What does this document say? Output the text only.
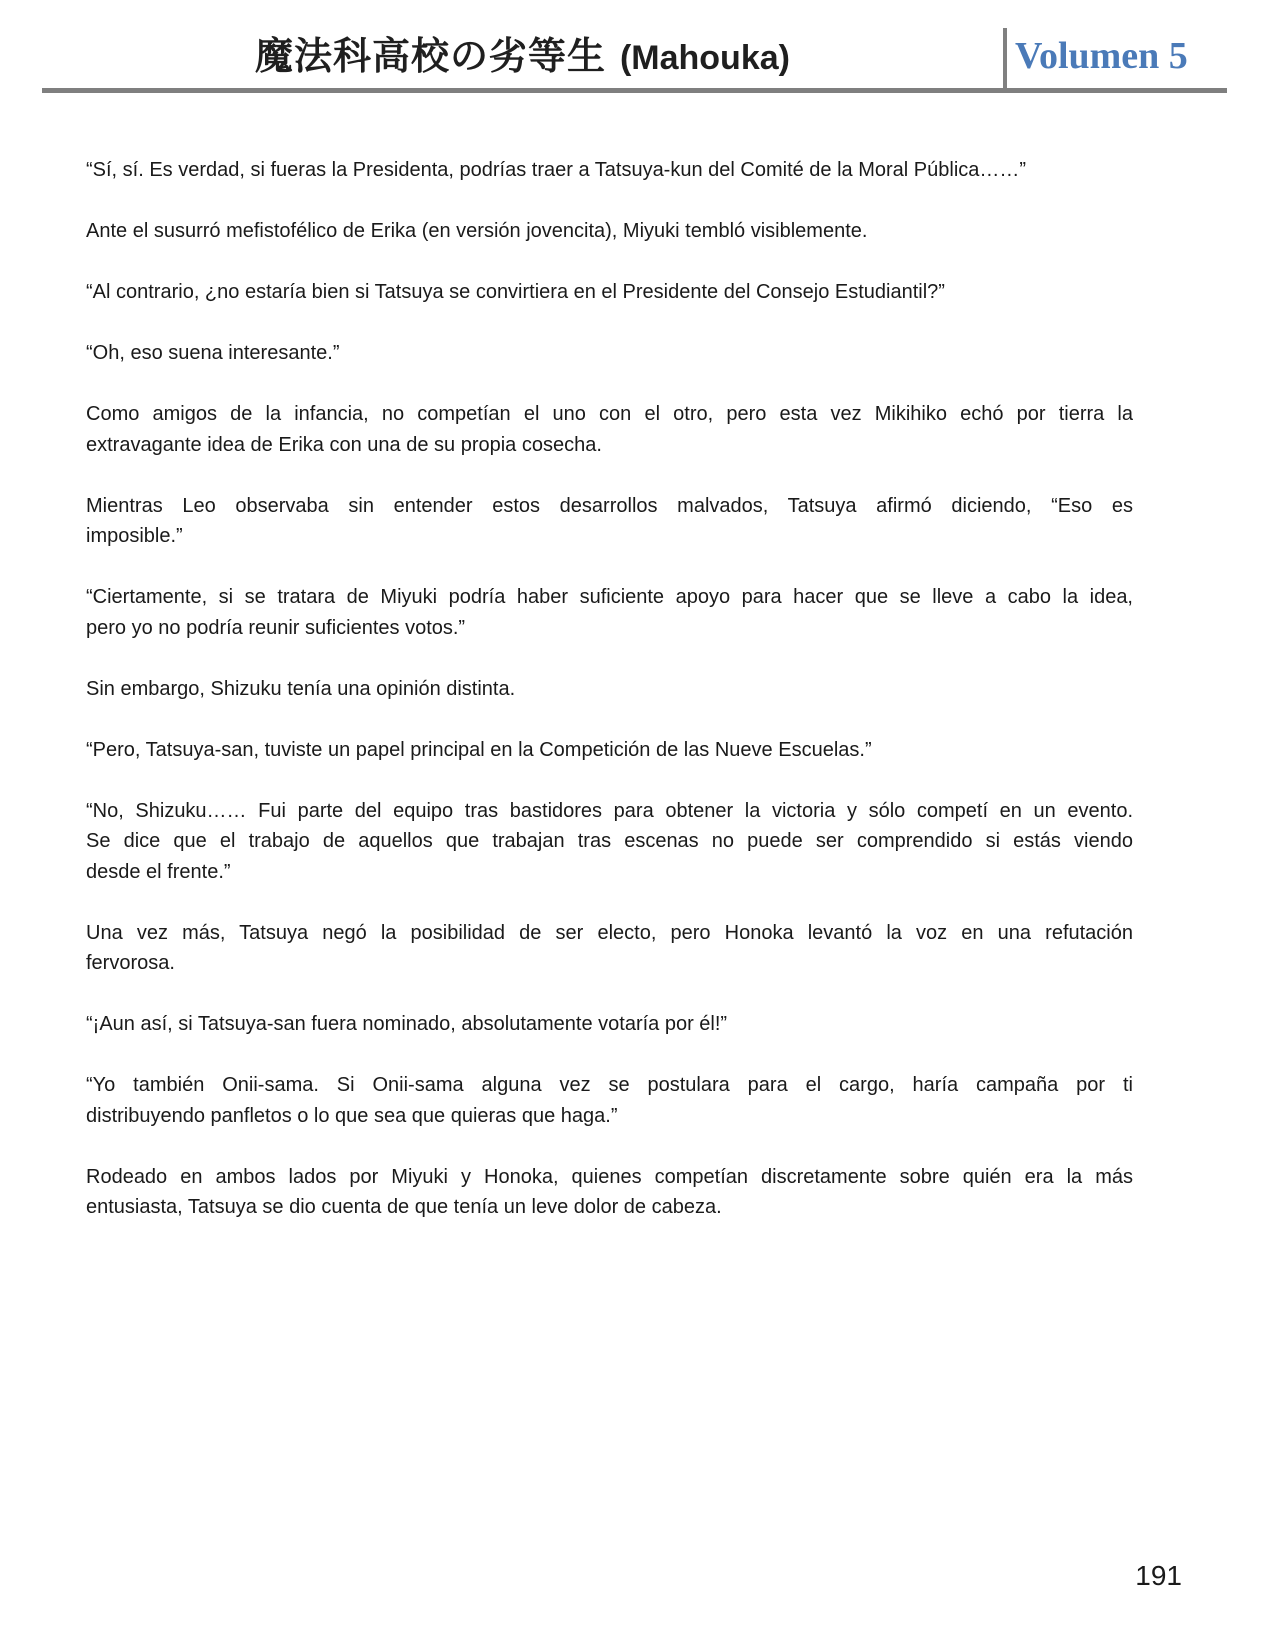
魔法科高校の劣等生 (Mahouka)	Volumen 5

“Sí, sí. Es verdad, si fueras la Presidenta, podrías traer a Tatsuya-kun del Comité de la Moral Pública……”

Ante el susurró mefistofélico de Erika (en versión jovencita), Miyuki tembló visiblemente.

“Al contrario, ¿no estaría bien si Tatsuya se convirtiera en el Presidente del Consejo Estudiantil?”

“Oh, eso suena interesante.”

Como amigos de la infancia, no competían el uno con el otro, pero esta vez Mikihiko echó por tierra la
extravagante idea de Erika con una de su propia cosecha.

Mientras Leo observaba sin entender estos desarrollos malvados, Tatsuya afirmó diciendo, “Eso es
imposible.”

“Ciertamente, si se tratara de Miyuki podría haber suficiente apoyo para hacer que se lleve a cabo la idea,
pero yo no podría reunir suficientes votos.”

Sin embargo, Shizuku tenía una opinión distinta.

“Pero, Tatsuya-san, tuviste un papel principal en la Competición de las Nueve Escuelas.”

“No, Shizuku…… Fui parte del equipo tras bastidores para obtener la victoria y sólo competí en un evento.
Se dice que el trabajo de aquellos que trabajan tras escenas no puede ser comprendido si estás viendo
desde el frente.”

Una vez más, Tatsuya negó la posibilidad de ser electo, pero Honoka levantó la voz en una refutación
fervorosa.

“¡Aun así, si Tatsuya-san fuera nominado, absolutamente votaría por él!”

“Yo también Onii-sama. Si Onii-sama alguna vez se postulara para el cargo, haría campaña por ti
distribuyendo panfletos o lo que sea que quieras que haga.”

Rodeado en ambos lados por Miyuki y Honoka, quienes competían discretamente sobre quién era la más
entusiasta, Tatsuya se dio cuenta de que tenía un leve dolor de cabeza.

191
